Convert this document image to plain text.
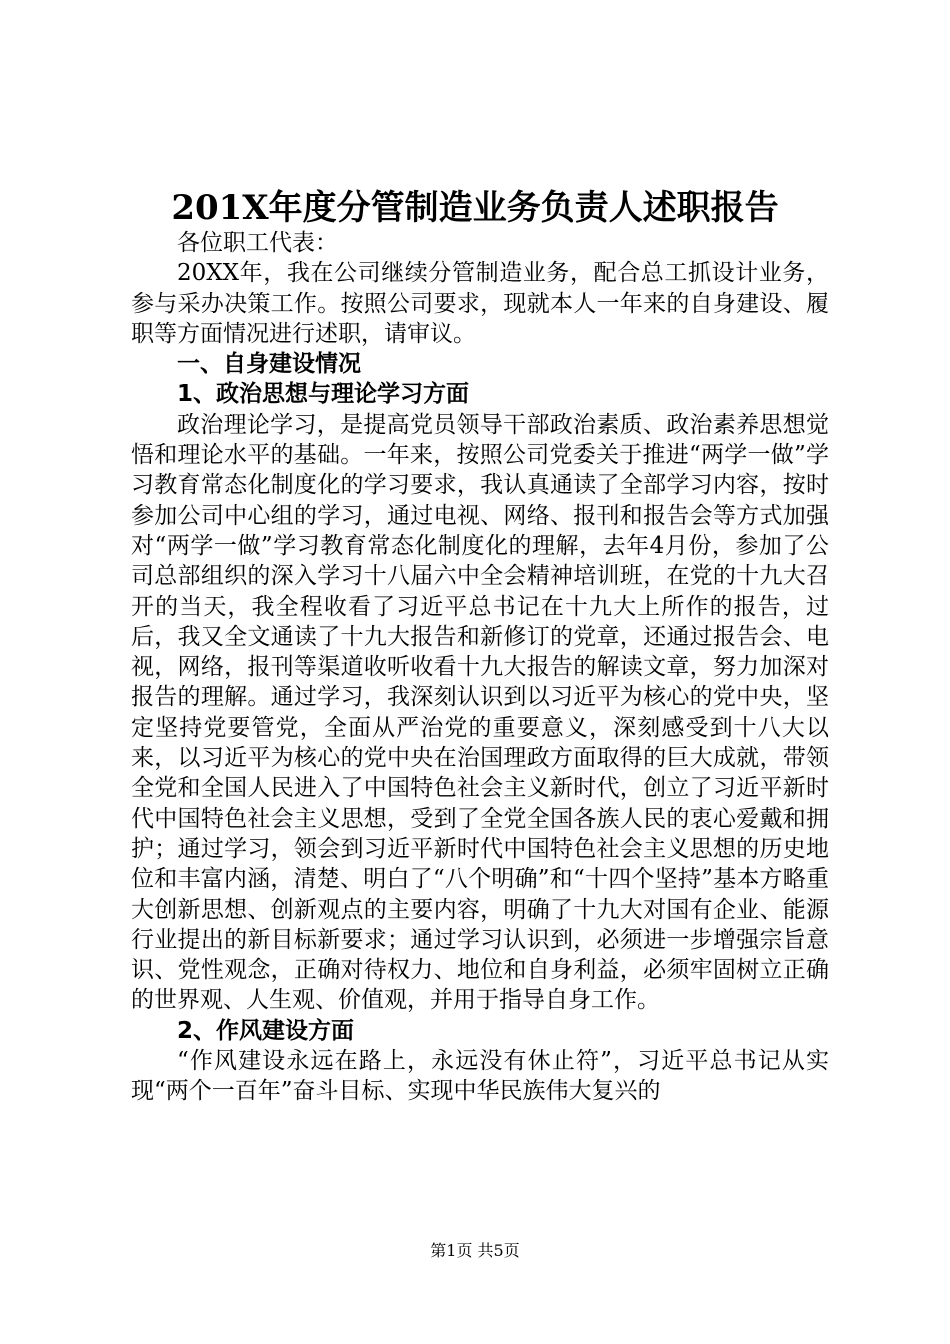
201X年度分管制造业务负责人述职报告

各位职工代表：

20XX年，我在公司继续分管制造业务，配合总工抓设计业务，参与采办决策工作。按照公司要求，现就本人一年来的自身建设、履职等方面情况进行述职，请审议。

一、自身建设情况

1、政治思想与理论学习方面

政治理论学习，是提高党员领导干部政治素质、政治素养思想觉悟和理论水平的基础。一年来，按照公司党委关于推进“两学一做”学习教育常态化制度化的学习要求，我认真通读了全部学习内容，按时参加公司中心组的学习，通过电视、网络、报刊和报告会等方式加强对“两学一做”学习教育常态化制度化的理解，去年4月份，参加了公司总部组织的深入学习十八届六中全会精神培训班，在党的十九大召开的当天，我全程收看了习近平总书记在十九大上所作的报告，过后，我又全文通读了十九大报告和新修订的党章，还通过报告会、电视，网络，报刊等渠道收听收看十九大报告的解读文章，努力加深对报告的理解。通过学习，我深刻认识到以习近平为核心的党中央，坚定坚持党要管党，全面从严治党的重要意义，深刻感受到十八大以来，以习近平为核心的党中央在治国理政方面取得的巨大成就，带领全党和全国人民进入了中国特色社会主义新时代，创立了习近平新时代中国特色社会主义思想，受到了全党全国各族人民的衷心爱戴和拥护；通过学习，领会到习近平新时代中国特色社会主义思想的历史地位和丰富内涵，清楚、明白了“八个明确”和“十四个坚持”基本方略重大创新思想、创新观点的主要内容，明确了十九大对国有企业、能源行业提出的新目标新要求；通过学习认识到，必须进一步增强宗旨意识、党性观念，正确对待权力、地位和自身利益，必须牢固树立正确的世界观、人生观、价值观，并用于指导自身工作。

2、作风建设方面

“作风建设永远在路上，永远没有休止符”，习近平总书记从实现“两个一百年”奋斗目标、实现中华民族伟大复兴的

第1页 共5页
